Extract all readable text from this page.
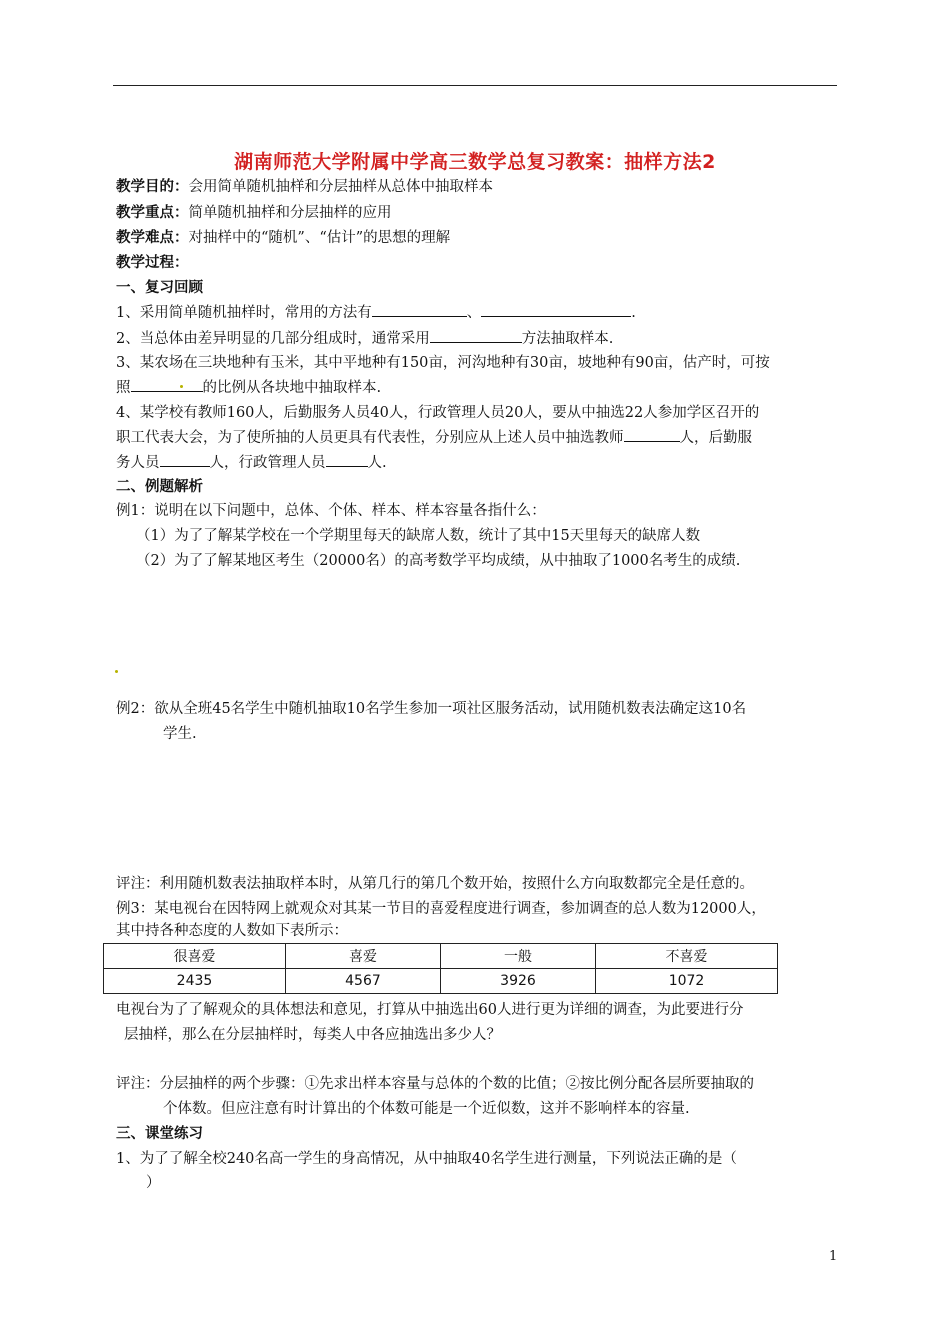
湖南师范大学附属中学高三数学总复习教案：抽样方法2
教学目的：会用简单随机抽样和分层抽样从总体中抽取样本
教学重点：简单随机抽样和分层抽样的应用
教学难点：对抽样中的“随机”、“估计”的思想的理解
教学过程：
一、复习回顾
1、采用简单随机抽样时，常用的方法有	、	.
2、当总体由差异明显的几部分组成时，通常采用	方法抽取样本.
3、某农场在三块地种有玉米，其中平地种有150亩，河沟地种有30亩，坡地种有90亩，估产时，可按
照	的比例从各块地中抽取样本.
4、某学校有教师160人，后勤服务人员40人，行政管理人员20人，要从中抽选22人参加学区召开的
职工代表大会，为了使所抽的人员更具有代表性，分别应从上述人员中抽选教师	人，后勤服
务人员	人，行政管理人员	人.
二、例题解析
例1：说明在以下问题中，总体、个体、样本、样本容量各指什么：
（1）为了了解某学校在一个学期里每天的缺席人数，统计了其中15天里每天的缺席人数
（2）为了了解某地区考生（20000名）的高考数学平均成绩，从中抽取了1000名考生的成绩.
例2：欲从全班45名学生中随机抽取10名学生参加一项社区服务活动，试用随机数表法确定这10名
学生.
评注：利用随机数表法抽取样本时，从第几行的第几个数开始，按照什么方向取数都完全是任意的。
例3：某电视台在因特网上就观众对其某一节目的喜爱程度进行调查，参加调查的总人数为12000人，
其中持各种态度的人数如下表所示：
很喜爱	喜爱	一般	不喜爱
2435	4567	3926	1072
电视台为了了解观众的具体想法和意见，打算从中抽选出60人进行更为详细的调查，为此要进行分
层抽样，那么在分层抽样时，每类人中各应抽选出多少人？
评注：分层抽样的两个步骤：①先求出样本容量与总体的个数的比值；②按比例分配各层所要抽取的
个体数。但应注意有时计算出的个体数可能是一个近似数，这并不影响样本的容量.
三、课堂练习
1、为了了解全校240名高一学生的身高情况，从中抽取40名学生进行测量，下列说法正确的是（
）
1
